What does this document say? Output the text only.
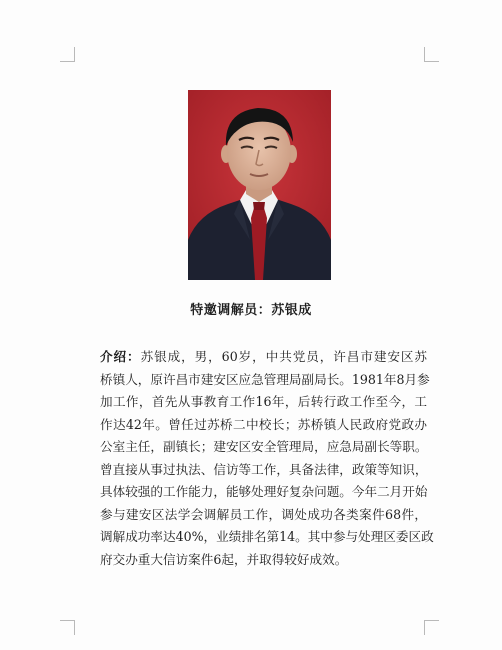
特邀调解员：苏银成
介绍：苏银成，男，60岁，中共党员，许昌市建安区苏
桥镇人，原许昌市建安区应急管理局副局长。1981年8月参
加工作，首先从事教育工作16年，后转行政工作至今，工
作达42年。曾任过苏桥二中校长；苏桥镇人民政府党政办
公室主任，副镇长；建安区安全管理局，应急局副长等职。
曾直接从事过执法、信访等工作，具备法律，政策等知识，
具体较强的工作能力，能够处理好复杂问题。今年二月开始
参与建安区法学会调解员工作，调处成功各类案件68件，
调解成功率达40%，业绩排名第14。其中参与处理区委区政
府交办重大信访案件6起，并取得较好成效。
